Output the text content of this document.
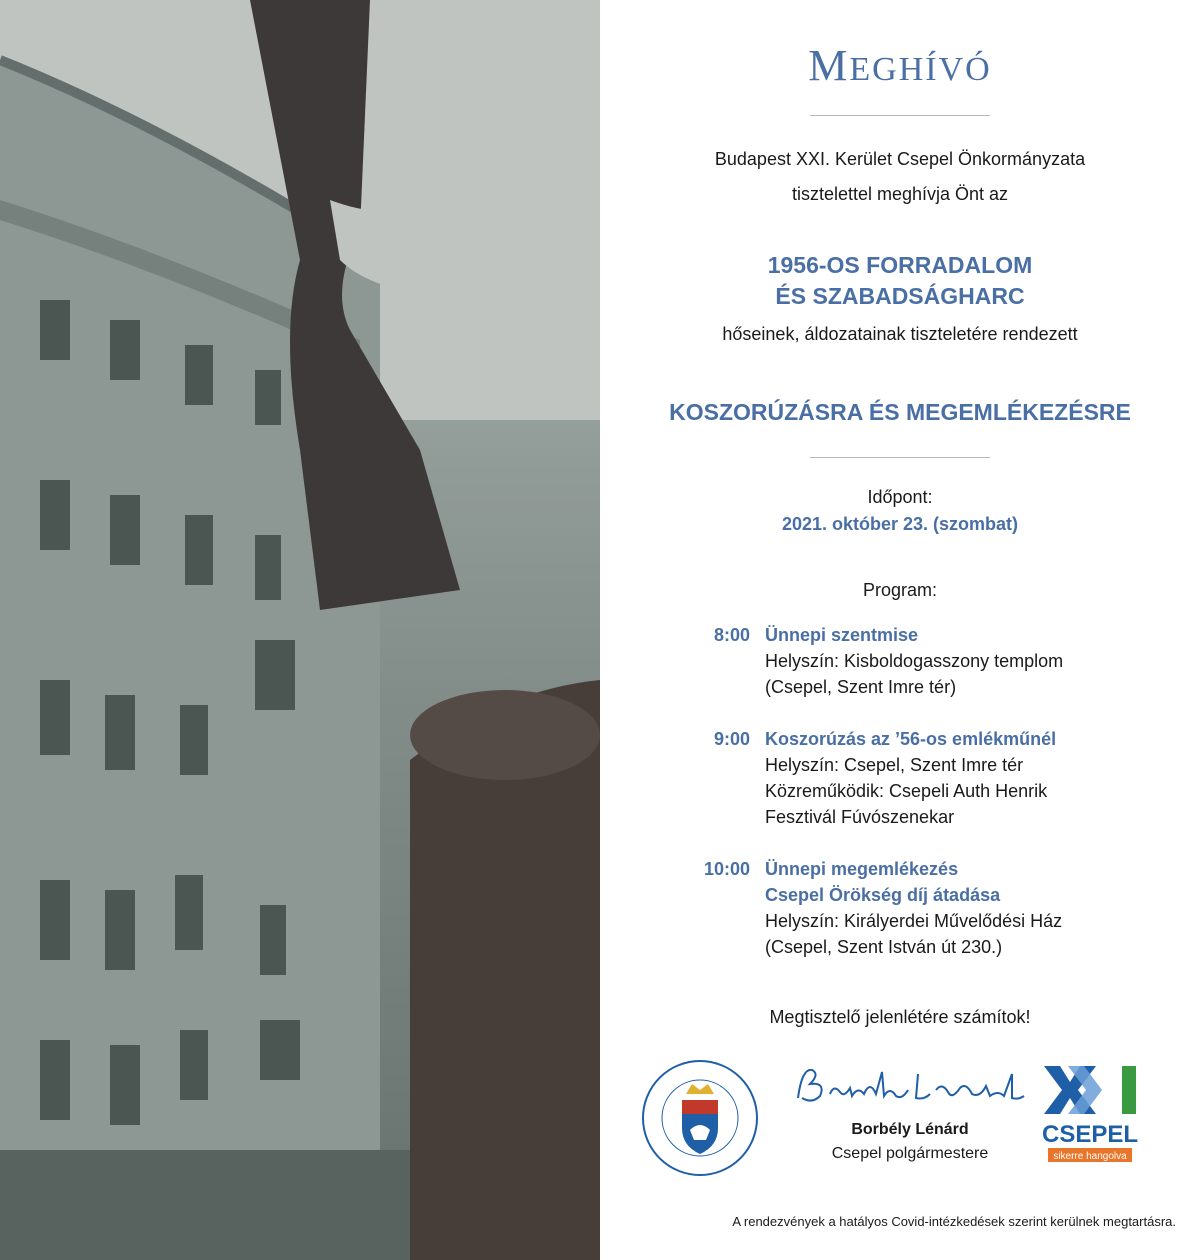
MEGHÍVÓ
Budapest XXI. Kerület Csepel Önkormányzata
tisztelettel meghívja Önt az
1956-OS FORRADALOM
ÉS SZABADSÁGHARC
hőseinek, áldozatainak tiszteletére rendezett
KOSZORÚZÁSRA ÉS MEGEMLÉKEZÉSRE
Időpont:
2021. október 23. (szombat)
Program:
8:00 Ünnepi szentmise
Helyszín: Kisboldogasszony templom
(Csepel, Szent Imre tér)
9:00 Koszorúzás az ’56-os emlékműnél
Helyszín: Csepel, Szent Imre tér
Közreműködik: Csepeli Auth Henrik
Fesztivál Fúvószenekar
10:00 Ünnepi megemlékezés
Csepel Örökség díj átadása
Helyszín: Királyerdei Művelődési Ház
(Csepel, Szent István út 230.)
Megtisztelő jelenlétére számítok!
Borbély Lénárd
Csepel polgármestere
CSEPEL
sikerre hangolva
A rendezvények a hatályos Covid-intézkedések szerint kerülnek megtartásra.
